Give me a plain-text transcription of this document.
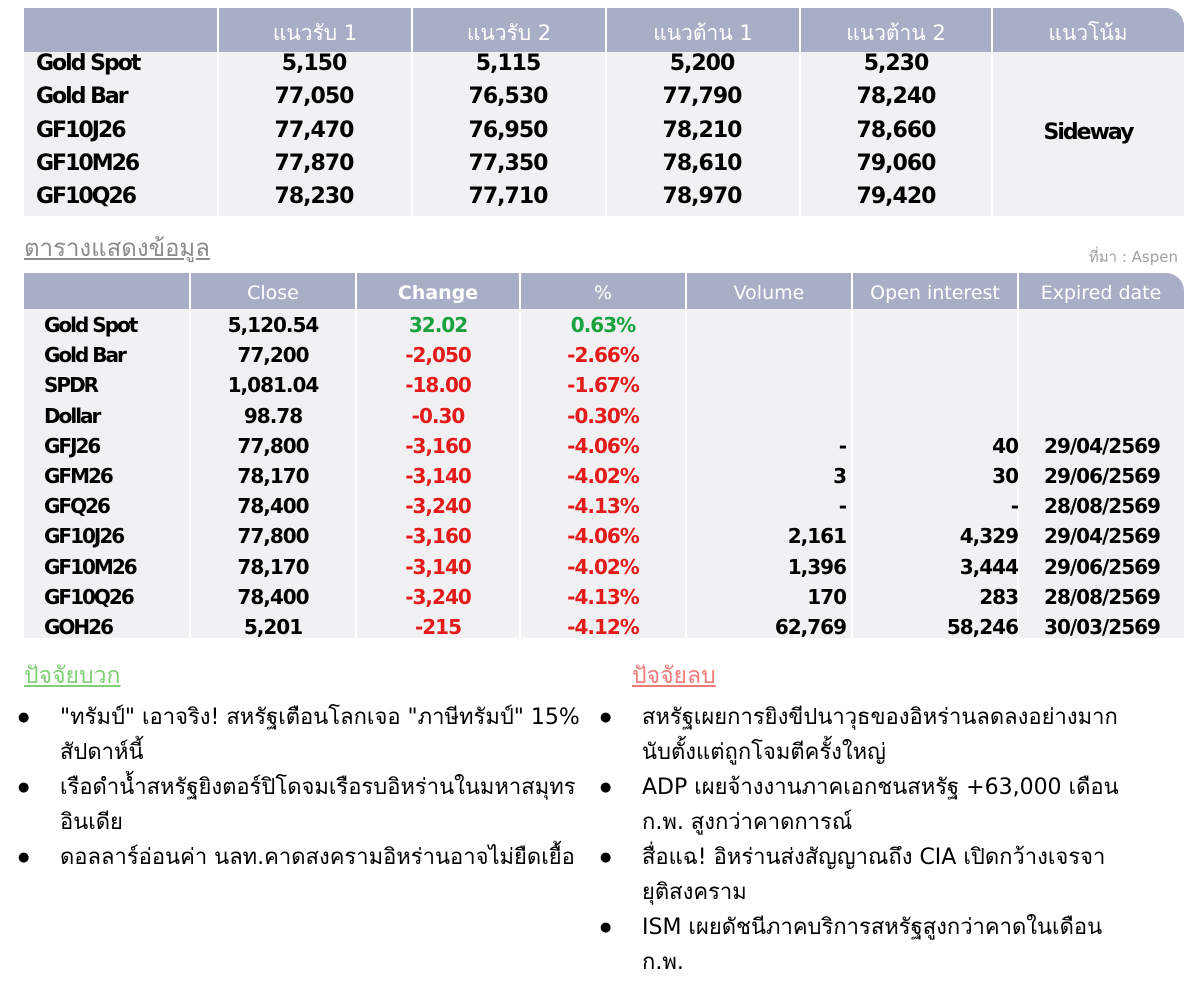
แนวรับ 1	แนวรับ 2	แนวต้าน 1	แนวต้าน 2	แนวโน้ม
Gold Spot	5,150	5,115	5,200	5,230
Gold Bar	77,050	76,530	77,790	78,240
GF10J26	77,470	76,950	78,210	78,660
GF10M26	77,870	77,350	78,610	79,060
GF10Q26	78,230	77,710	78,970	79,420
Sideway
ตารางแสดงข้อมูล	ที่มา : Aspen
Close	Change	%	Volume	Open interest	Expired date
Gold Spot	5,120.54	32.02	0.63%
Gold Bar	77,200	-2,050	-2.66%
SPDR	1,081.04	-18.00	-1.67%
Dollar	98.78	-0.30	-0.30%
GFJ26	77,800	-3,160	-4.06%	-	40	29/04/2569
GFM26	78,170	-3,140	-4.02%	3	30	29/06/2569
GFQ26	78,400	-3,240	-4.13%	-	-	28/08/2569
GF10J26	77,800	-3,160	-4.06%	2,161	4,329	29/04/2569
GF10M26	78,170	-3,140	-4.02%	1,396	3,444	29/06/2569
GF10Q26	78,400	-3,240	-4.13%	170	283	28/08/2569
GOH26	5,201	-215	-4.12%	62,769	58,246	30/03/2569
ปัจจัยบวก	ปัจจัยลบ
● "ทรัมป์" เอาจริง! สหรัฐเตือนโลกเจอ "ภาษีทรัมป์" 15% สัปดาห์นี้
● เรือดำน้ำสหรัฐยิงตอร์ปิโดจมเรือรบอิหร่านในมหาสมุทรอินเดีย
● ดอลลาร์อ่อนค่า นลท.คาดสงครามอิหร่านอาจไม่ยืดเยื้อ
● สหรัฐเผยการยิงขีปนาวุธของอิหร่านลดลงอย่างมาก นับตั้งแต่ถูกโจมตีครั้งใหญ่
● ADP เผยจ้างงานภาคเอกชนสหรัฐ +63,000 เดือนก.พ. สูงกว่าคาดการณ์
● สื่อแฉ! อิหร่านส่งสัญญาณถึง CIA เปิดกว้างเจรจายุติสงคราม
● ISM เผยดัชนีภาคบริการสหรัฐสูงกว่าคาดในเดือนก.พ.
